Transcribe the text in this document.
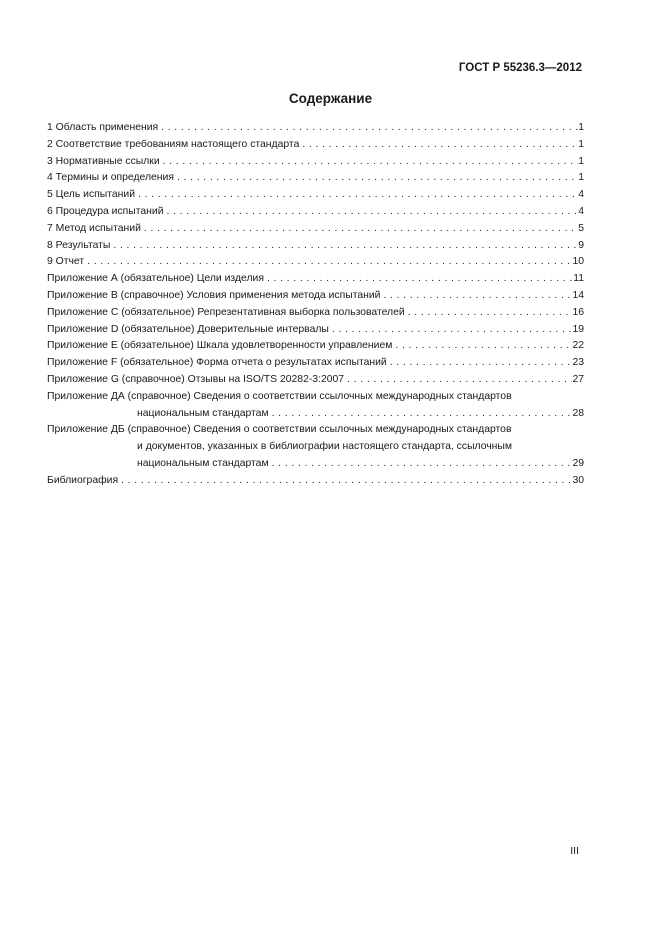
ГОСТ Р 55236.3—2012
Содержание
1 Область применения . . .	1
2 Соответствие требованиям настоящего стандарта . . .	1
3 Нормативные ссылки . . .	1
4 Термины и определения . . .	1
5 Цель испытаний . . .	4
6 Процедура испытаний . . .	4
7 Метод испытаний . . .	5
8 Результаты . . .	9
9 Отчет . . .	10
Приложение А (обязательное) Цели изделия . . .	11
Приложение В (справочное) Условия применения метода испытаний . . .	14
Приложение С (обязательное) Репрезентативная выборка пользователей . . .	16
Приложение D (обязательное) Доверительные интервалы . . .	19
Приложение Е (обязательное) Шкала удовлетворенности управлением . . .	22
Приложение F (обязательное) Форма отчета о результатах испытаний . . .	23
Приложение G (справочное) Отзывы на ISO/TS 20282-3:2007 . . .	27
Приложение ДА (справочное) Сведения о соответствии ссылочных международных стандартов
национальным стандартам . . .	28
Приложение ДБ (справочное) Сведения о соответствии ссылочных международных стандартов
и документов, указанных в библиографии настоящего стандарта, ссылочным
национальным стандартам . . .	29
Библиография . . .	30
III
